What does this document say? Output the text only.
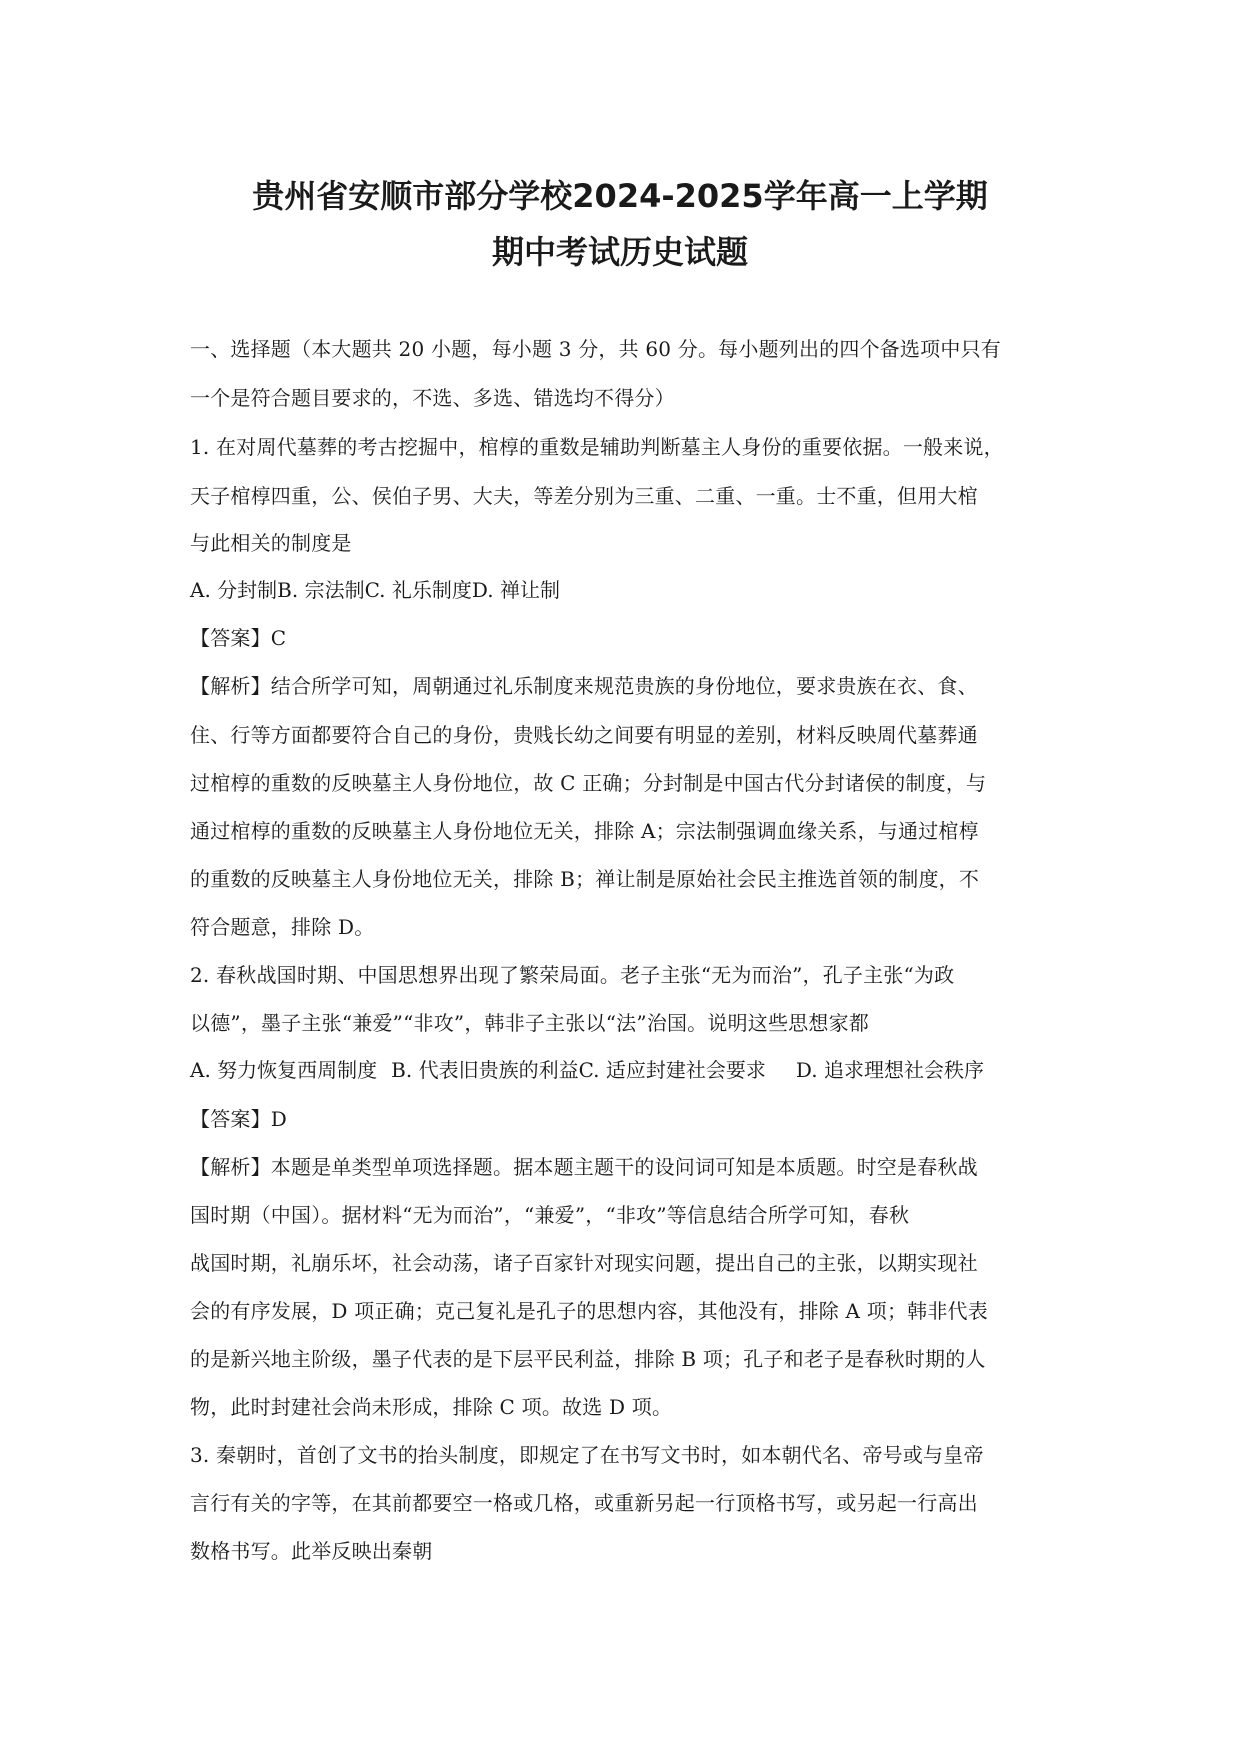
贵州省安顺市部分学校2024-2025学年高一上学期
期中考试历史试题
一、选择题（本大题共 20 小题，每小题 3 分，共 60 分。每小题列出的四个备选项中只有
一个是符合题目要求的，不选、多选、错选均不得分）
1. 在对周代墓葬的考古挖掘中，棺椁的重数是辅助判断墓主人身份的重要依据。一般来说，
天子棺椁四重，公、侯伯子男、大夫，等差分别为三重、二重、一重。士不重，但用大棺
与此相关的制度是
A. 分封制B. 宗法制C. 礼乐制度D. 禅让制
【答案】C
【解析】结合所学可知，周朝通过礼乐制度来规范贵族的身份地位，要求贵族在衣、食、
住、行等方面都要符合自己的身份，贵贱长幼之间要有明显的差别，材料反映周代墓葬通
过棺椁的重数的反映墓主人身份地位，故 C 正确；分封制是中国古代分封诸侯的制度，与
通过棺椁的重数的反映墓主人身份地位无关，排除 A；宗法制强调血缘关系，与通过棺椁
的重数的反映墓主人身份地位无关，排除 B；禅让制是原始社会民主推选首领的制度，不
符合题意，排除 D。
2. 春秋战国时期、中国思想界出现了繁荣局面。老子主张“无为而治”，孔子主张“为政
以德”，墨子主张“兼爱”“非攻”，韩非子主张以“法”治国。说明这些思想家都
A. 努力恢复西周制度 B. 代表旧贵族的利益C. 适应封建社会要求 D. 追求理想社会秩序
【答案】D
【解析】本题是单类型单项选择题。据本题主题干的设问词可知是本质题。时空是春秋战
国时期（中国）。据材料“无为而治”，“兼爱”，“非攻”等信息结合所学可知，春秋
战国时期，礼崩乐坏，社会动荡，诸子百家针对现实问题，提出自己的主张，以期实现社
会的有序发展，D 项正确；克己复礼是孔子的思想内容，其他没有，排除 A 项；韩非代表
的是新兴地主阶级，墨子代表的是下层平民利益，排除 B 项；孔子和老子是春秋时期的人
物，此时封建社会尚未形成，排除 C 项。故选 D 项。
3. 秦朝时，首创了文书的抬头制度，即规定了在书写文书时，如本朝代名、帝号或与皇帝
言行有关的字等，在其前都要空一格或几格，或重新另起一行顶格书写，或另起一行高出
数格书写。此举反映出秦朝
